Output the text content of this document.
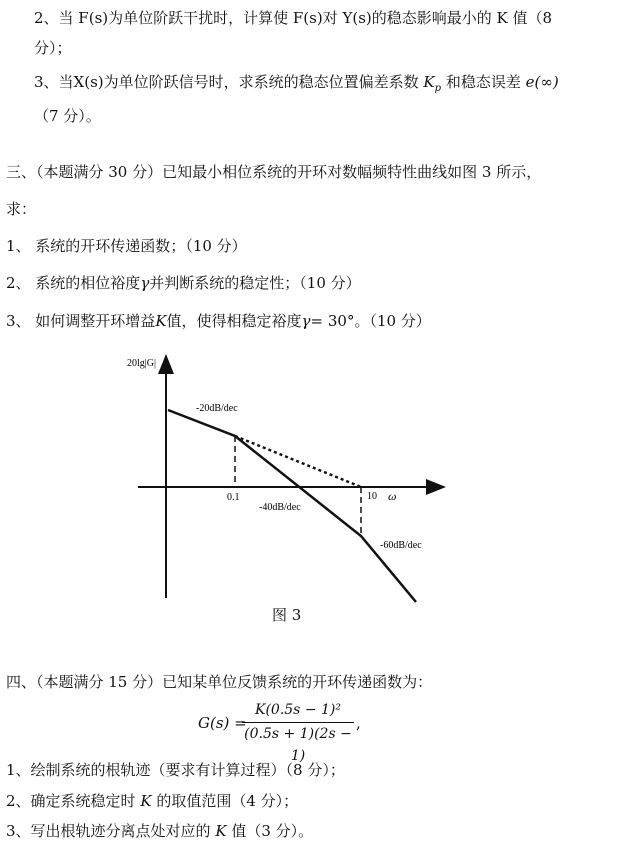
2、当 F(s)为单位阶跃干扰时，计算使 F(s)对 Y(s)的稳态影响最小的 K 值（8
分）；
3、当X(s)为单位阶跃信号时，求系统的稳态位置偏差系数 $K_p$ 和稳态误差 e(∞)
（7 分）。
三、（本题满分 30 分）已知最小相位系统的开环对数幅频特性曲线如图 3 所示，
求：
1、 系统的开环传递函数；（10 分）
2、 系统的相位裕度γ并判断系统的稳定性；（10 分）
3、 如何调整开环增益K值，使得相稳定裕度γ= 30°。（10 分）
20lg|G|
-20dB/dec
0.1
-40dB/dec
10 ω
-60dB/dec
图 3
四、（本题满分 15 分）已知某单位反馈系统的开环传递函数为：
G(s) =
$\frac{\text{K(0.5s − 1)²}}{(0.5s + 1)(2s - 1)}$ ,
1、绘制系统的根轨迹（要求有计算过程）（8 分）；
2、确定系统稳定时 K 的取值范围（4 分）；
3、写出根轨迹分离点处对应的 K 值（3 分）。
